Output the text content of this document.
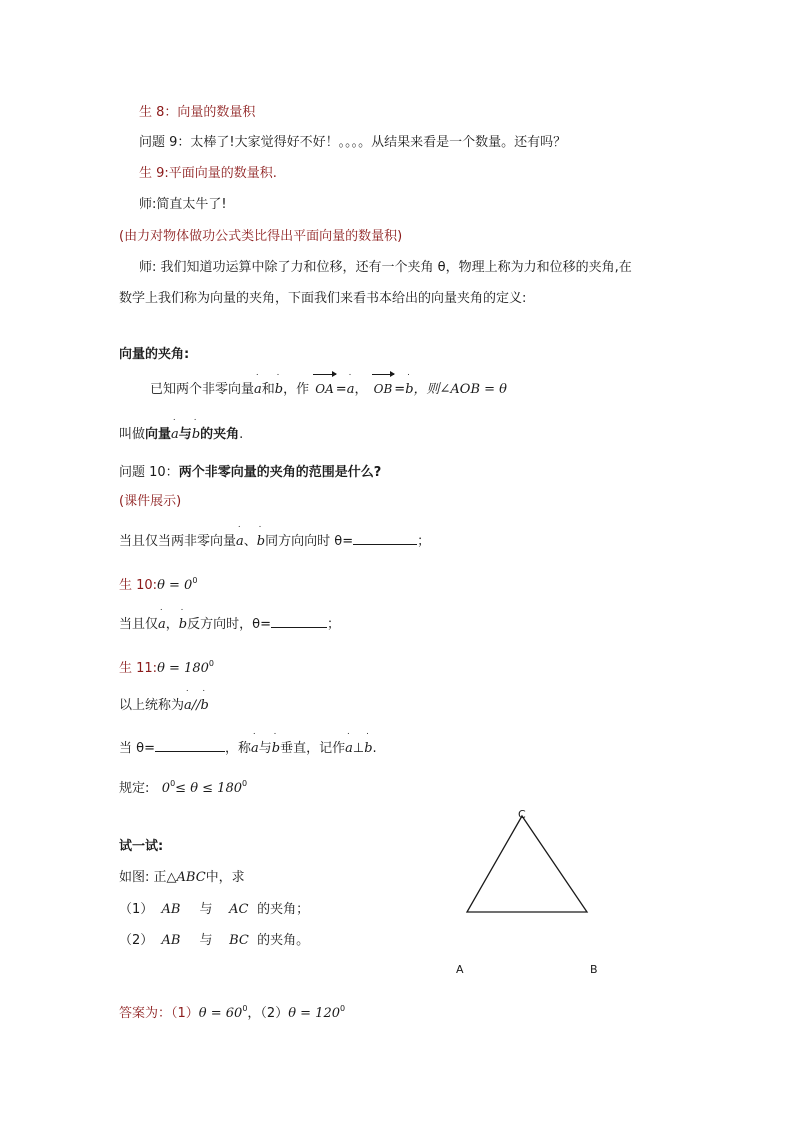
生 8：向量的数量积
问题 9：太棒了!大家觉得好不好！。。。。从结果来看是一个数量。还有吗？
生 9:平面向量的数量积.
师:简直太牛了!
(由力对物体做功公式类比得出平面向量的数量积)
师: 我们知道功运算中除了力和位移，还有一个夹角 θ，物理上称为力和位移的夹角,在
数学上我们称为向量的夹角，下面我们来看书本给出的向量夹角的定义:
向量的夹角:
已知两个非零向量
˙
a和
˙
b，作 OA =
˙
a， OB =
˙
b，则∠AOB = θ
叫做向量
˙
a与
˙
b的夹角.
问题 10：两个非零向量的夹角的范围是什么?
(课件展示)
当且仅当两非零向量
˙
a、
˙
b同方向向时 θ=	；
生 10:θ = $0^0$
当且仅
˙
a，
˙
b反方向时，θ=	；
生 11:θ = $180^0$
以上统称为
˙
a//
˙
b
当 θ=	，称
˙
a与
˙
b垂直，记作
˙
a⊥
˙
b.
规定: $0^0\le \theta \le 180^0$
试一试:
如图: 正△ABC中，求
（1） AB 与 AC 的夹角；
（2） AB 与 BC 的夹角。
C
A	B
答案为：$(1)\theta = 60^0$，$(2)\theta = 120^0$
